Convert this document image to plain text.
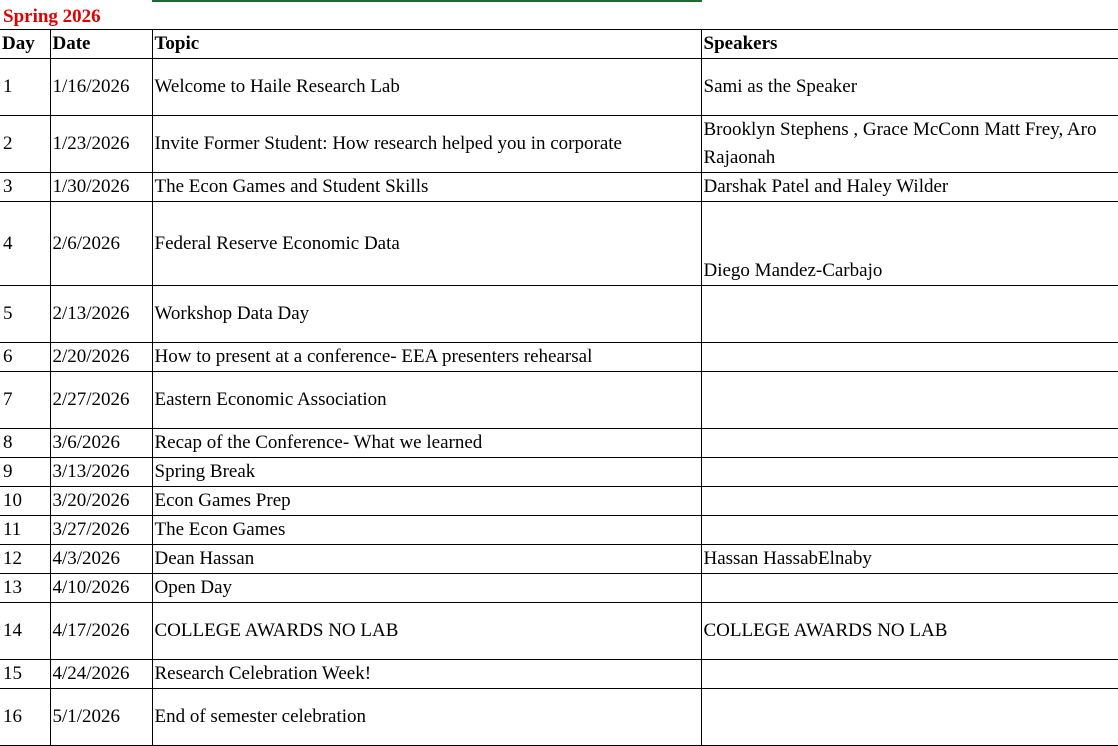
Spring 2026
Day	Date	Topic	Speakers
1	1/16/2026	Welcome to Haile Research Lab	Sami as the Speaker
2	1/23/2026	Invite Former Student: How research helped you in corporate	Brooklyn Stephens , Grace McConn Matt Frey, Aro Rajaonah
3	1/30/2026	The Econ Games and Student Skills	Darshak Patel and Haley Wilder
4	2/6/2026	Federal Reserve Economic Data	Diego Mandez-Carbajo
5	2/13/2026	Workshop Data Day	
6	2/20/2026	How to present at a conference- EEA presenters rehearsal	
7	2/27/2026	Eastern Economic Association	
8	3/6/2026	Recap of the Conference- What we learned	
9	3/13/2026	Spring Break	
10	3/20/2026	Econ Games Prep	
11	3/27/2026	The Econ Games	
12	4/3/2026	Dean Hassan	Hassan HassabElnaby
13	4/10/2026	Open Day	
14	4/17/2026	COLLEGE AWARDS NO LAB	COLLEGE AWARDS NO LAB
15	4/24/2026	Research Celebration Week!	
16	5/1/2026	End of semester celebration	
